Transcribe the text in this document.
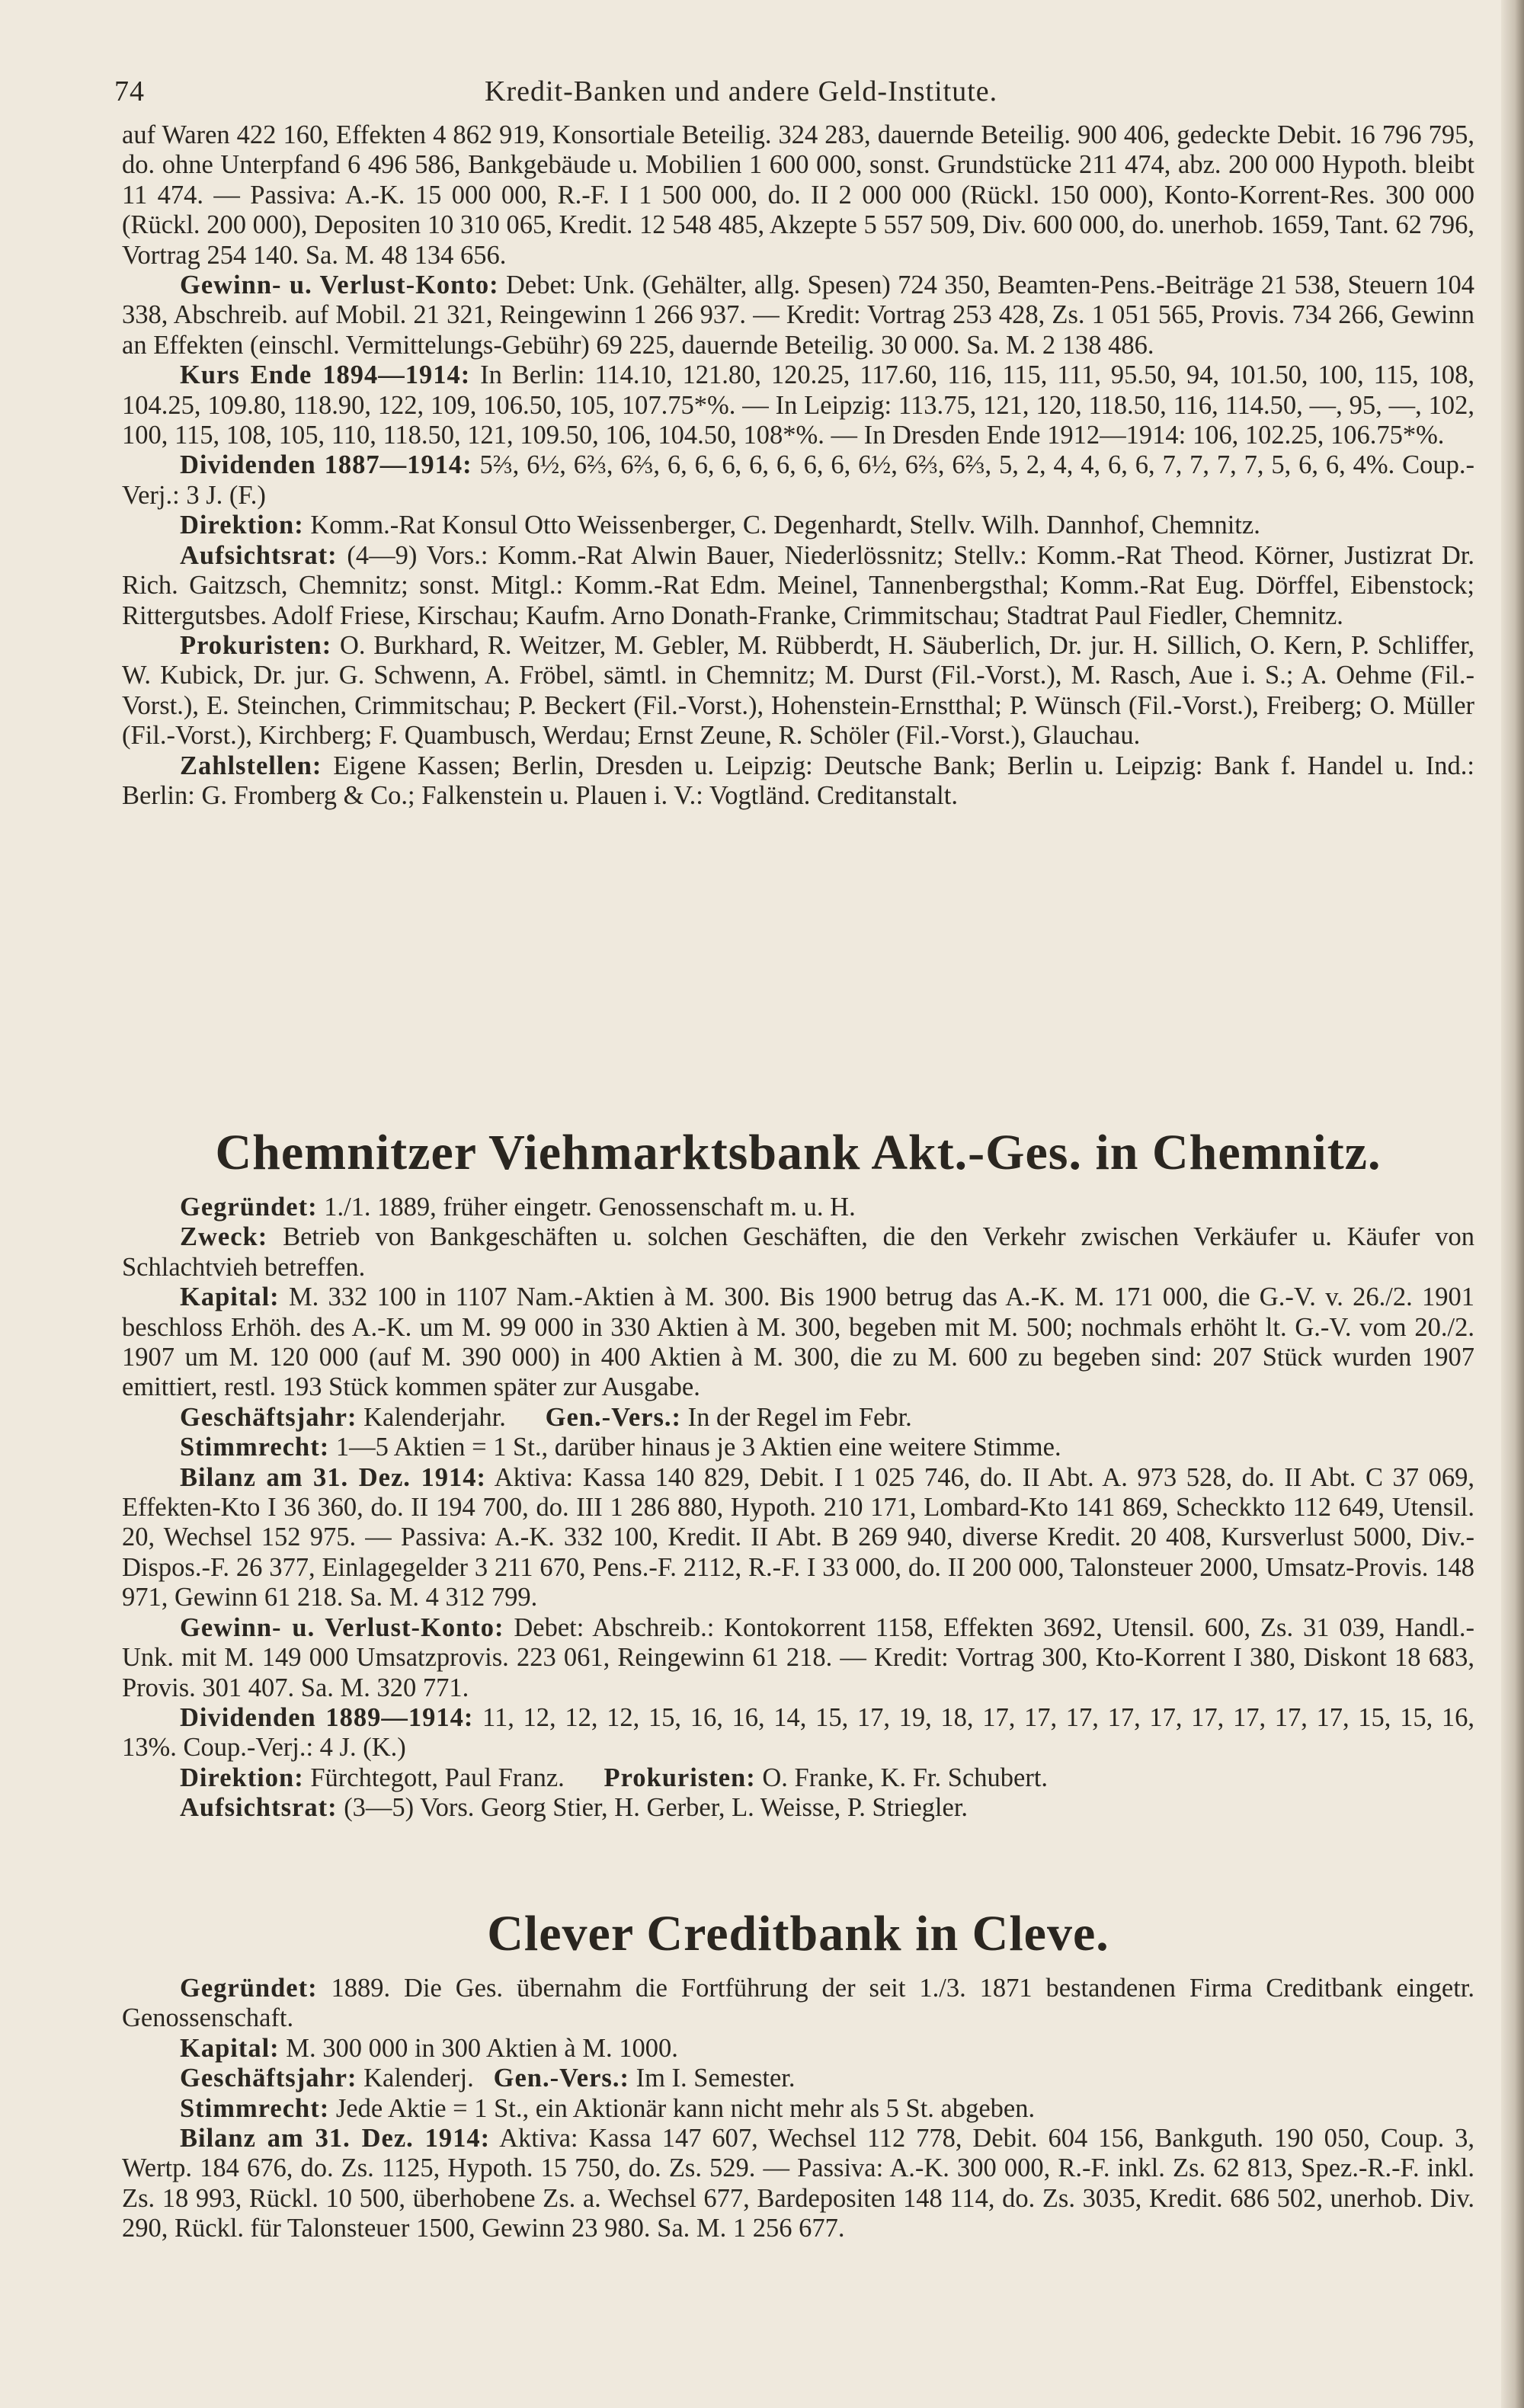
74	Kredit-Banken und andere Geld-Institute.

auf Waren 422 160, Effekten 4 862 919, Konsortiale Beteilig. 324 283, dauernde Beteilig. 900 406, gedeckte Debit. 16 796 795, do. ohne Unterpfand 6 496 586, Bankgebäude u. Mobilien 1 600 000, sonst. Grundstücke 211 474, abz. 200 000 Hypoth. bleibt 11 474. — Passiva: A.-K. 15 000 000, R.-F. I 1 500 000, do. II 2 000 000 (Rückl. 150 000), Konto-Korrent-Res. 300 000 (Rückl. 200 000), Depositen 10 310 065, Kredit. 12 548 485, Akzepte 5 557 509, Div. 600 000, do. unerhob. 1659, Tant. 62 796, Vortrag 254 140. Sa. M. 48 134 656.

Gewinn- u. Verlust-Konto: Debet: Unk. (Gehälter, allg. Spesen) 724 350, Beamten-Pens.-Beiträge 21 538, Steuern 104 338, Abschreib. auf Mobil. 21 321, Reingewinn 1 266 937. — Kredit: Vortrag 253 428, Zs. 1 051 565, Provis. 734 266, Gewinn an Effekten (einschl. Vermittelungs-Gebühr) 69 225, dauernde Beteilig. 30 000. Sa. M. 2 138 486.

Kurs Ende 1894—1914: In Berlin: 114.10, 121.80, 120.25, 117.60, 116, 115, 111, 95.50, 94, 101.50, 100, 115, 108, 104.25, 109.80, 118.90, 122, 109, 106.50, 105, 107.75*%. — In Leipzig: 113.75, 121, 120, 118.50, 116, 114.50, —, 95, —, 102, 100, 115, 108, 105, 110, 118.50, 121, 109.50, 106, 104.50, 108*%. — In Dresden Ende 1912—1914: 106, 102.25, 106.75*%.

Dividenden 1887—1914: 5⅔, 6½, 6⅔, 6⅔, 6, 6, 6, 6, 6, 6, 6, 6½, 6⅔, 6⅔, 5, 2, 4, 4, 6, 6, 7, 7, 7, 7, 5, 6, 6, 4%. Coup.-Verj.: 3 J. (F.)

Direktion: Komm.-Rat Konsul Otto Weissenberger, C. Degenhardt, Stellv. Wilh. Dannhof, Chemnitz.

Aufsichtsrat: (4—9) Vors.: Komm.-Rat Alwin Bauer, Niederlössnitz; Stellv.: Komm.-Rat Theod. Körner, Justizrat Dr. Rich. Gaitzsch, Chemnitz; sonst. Mitgl.: Komm.-Rat Edm. Meinel, Tannenbergsthal; Komm.-Rat Eug. Dörffel, Eibenstock; Rittergutsbes. Adolf Friese, Kirschau; Kaufm. Arno Donath-Franke, Crimmitschau; Stadtrat Paul Fiedler, Chemnitz.

Prokuristen: O. Burkhard, R. Weitzer, M. Gebler, M. Rübberdt, H. Säuberlich, Dr. jur. H. Sillich, O. Kern, P. Schliffer, W. Kubick, Dr. jur. G. Schwenn, A. Fröbel, sämtl. in Chemnitz; M. Durst (Fil.-Vorst.), M. Rasch, Aue i. S.; A. Oehme (Fil.-Vorst.), E. Steinchen, Crimmitschau; P. Beckert (Fil.-Vorst.), Hohenstein-Ernstthal; P. Wünsch (Fil.-Vorst.), Freiberg; O. Müller (Fil.-Vorst.), Kirchberg; F. Quambusch, Werdau; Ernst Zeune, R. Schöler (Fil.-Vorst.), Glauchau.

Zahlstellen: Eigene Kassen; Berlin, Dresden u. Leipzig: Deutsche Bank; Berlin u. Leipzig: Bank f. Handel u. Ind.: Berlin: G. Fromberg & Co.; Falkenstein u. Plauen i. V.: Vogtländ. Creditanstalt.

Chemnitzer Viehmarktsbank Akt.-Ges. in Chemnitz.

Gegründet: 1./1. 1889, früher eingetr. Genossenschaft m. u. H.

Zweck: Betrieb von Bankgeschäften u. solchen Geschäften, die den Verkehr zwischen Verkäufer u. Käufer von Schlachtvieh betreffen.

Kapital: M. 332 100 in 1107 Nam.-Aktien à M. 300. Bis 1900 betrug das A.-K. M. 171 000, die G.-V. v. 26./2. 1901 beschloss Erhöh. des A.-K. um M. 99 000 in 330 Aktien à M. 300, begeben mit M. 500; nochmals erhöht lt. G.-V. vom 20./2. 1907 um M. 120 000 (auf M. 390 000) in 400 Aktien à M. 300, die zu M. 600 zu begeben sind: 207 Stück wurden 1907 emittiert, restl. 193 Stück kommen später zur Ausgabe.

Geschäftsjahr: Kalenderjahr. Gen.-Vers.: In der Regel im Febr.

Stimmrecht: 1—5 Aktien = 1 St., darüber hinaus je 3 Aktien eine weitere Stimme.

Bilanz am 31. Dez. 1914: Aktiva: Kassa 140 829, Debit. I 1 025 746, do. II Abt. A. 973 528, do. II Abt. C 37 069, Effekten-Kto I 36 360, do. II 194 700, do. III 1 286 880, Hypoth. 210 171, Lombard-Kto 141 869, Scheckkto 112 649, Utensil. 20, Wechsel 152 975. — Passiva: A.-K. 332 100, Kredit. II Abt. B 269 940, diverse Kredit. 20 408, Kursverlust 5000, Div.-Dispos.-F. 26 377, Einlagegelder 3 211 670, Pens.-F. 2112, R.-F. I 33 000, do. II 200 000, Talonsteuer 2000, Umsatz-Provis. 148 971, Gewinn 61 218. Sa. M. 4 312 799.

Gewinn- u. Verlust-Konto: Debet: Abschreib.: Kontokorrent 1158, Effekten 3692, Utensil. 600, Zs. 31 039, Handl.-Unk. mit M. 149 000 Umsatzprovis. 223 061, Reingewinn 61 218. — Kredit: Vortrag 300, Kto-Korrent I 380, Diskont 18 683, Provis. 301 407. Sa. M. 320 771.

Dividenden 1889—1914: 11, 12, 12, 12, 15, 16, 16, 14, 15, 17, 19, 18, 17, 17, 17, 17, 17, 17, 17, 17, 17, 15, 15, 16, 13%. Coup.-Verj.: 4 J. (K.)

Direktion: Fürchtegott, Paul Franz. Prokuristen: O. Franke, K. Fr. Schubert.

Aufsichtsrat: (3—5) Vors. Georg Stier, H. Gerber, L. Weisse, P. Striegler.

Clever Creditbank in Cleve.

Gegründet: 1889. Die Ges. übernahm die Fortführung der seit 1./3. 1871 bestandenen Firma Creditbank eingetr. Genossenschaft.

Kapital: M. 300 000 in 300 Aktien à M. 1000.

Geschäftsjahr: Kalenderj. Gen.-Vers.: Im I. Semester.

Stimmrecht: Jede Aktie = 1 St., ein Aktionär kann nicht mehr als 5 St. abgeben.

Bilanz am 31. Dez. 1914: Aktiva: Kassa 147 607, Wechsel 112 778, Debit. 604 156, Bankguth. 190 050, Coup. 3, Wertp. 184 676, do. Zs. 1125, Hypoth. 15 750, do. Zs. 529. — Passiva: A.-K. 300 000, R.-F. inkl. Zs. 62 813, Spez.-R.-F. inkl. Zs. 18 993, Rückl. 10 500, überhobene Zs. a. Wechsel 677, Bardepositen 148 114, do. Zs. 3035, Kredit. 686 502, unerhob. Div. 290, Rückl. für Talonsteuer 1500, Gewinn 23 980. Sa. M. 1 256 677.
